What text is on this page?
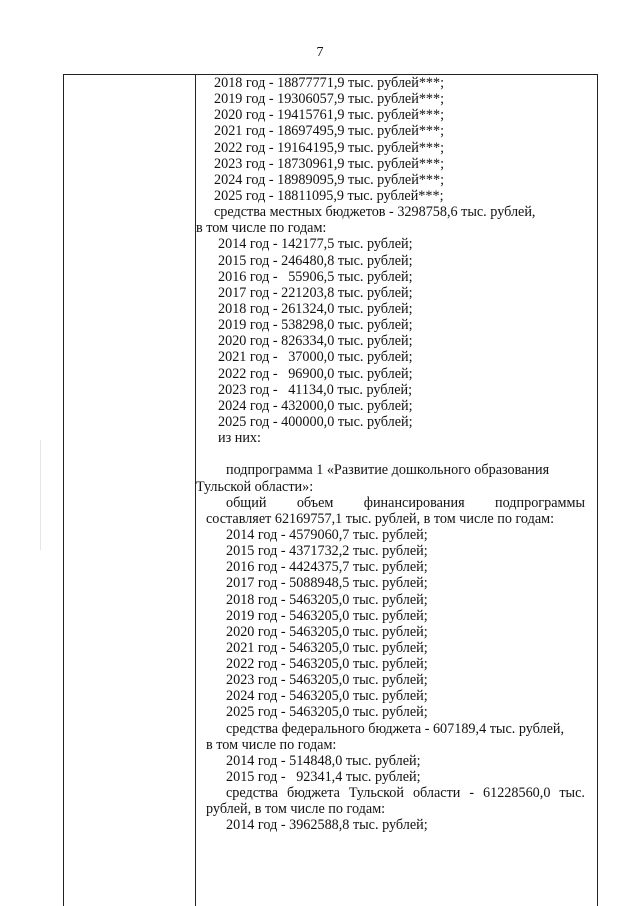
7
2018 год - 18877771,9 тыс. рублей***;
2019 год - 19306057,9 тыс. рублей***;
2020 год - 19415761,9 тыс. рублей***;
2021 год - 18697495,9 тыс. рублей***;
2022 год - 19164195,9 тыс. рублей***;
2023 год - 18730961,9 тыс. рублей***;
2024 год - 18989095,9 тыс. рублей***;
2025 год - 18811095,9 тыс. рублей***;
средства местных бюджетов - 3298758,6 тыс. рублей,
в том числе по годам:
2014 год - 142177,5 тыс. рублей;
2015 год - 246480,8 тыс. рублей;
2016 год -   55906,5 тыс. рублей;
2017 год - 221203,8 тыс. рублей;
2018 год - 261324,0 тыс. рублей;
2019 год - 538298,0 тыс. рублей;
2020 год - 826334,0 тыс. рублей;
2021 год -   37000,0 тыс. рублей;
2022 год -   96900,0 тыс. рублей;
2023 год -   41134,0 тыс. рублей;
2024 год - 432000,0 тыс. рублей;
2025 год - 400000,0 тыс. рублей;
из них:
подпрограмма 1 «Развитие дошкольного образования
Тульской области»:
общий объем финансирования подпрограммы
составляет 62169757,1 тыс. рублей, в том числе по годам:
2014 год - 4579060,7 тыс. рублей;
2015 год - 4371732,2 тыс. рублей;
2016 год - 4424375,7 тыс. рублей;
2017 год - 5088948,5 тыс. рублей;
2018 год - 5463205,0 тыс. рублей;
2019 год - 5463205,0 тыс. рублей;
2020 год - 5463205,0 тыс. рублей;
2021 год - 5463205,0 тыс. рублей;
2022 год - 5463205,0 тыс. рублей;
2023 год - 5463205,0 тыс. рублей;
2024 год - 5463205,0 тыс. рублей;
2025 год - 5463205,0 тыс. рублей;
средства федерального бюджета - 607189,4 тыс. рублей,
в том числе по годам:
2014 год - 514848,0 тыс. рублей;
2015 год -   92341,4 тыс. рублей;
средства бюджета Тульской области - 61228560,0 тыс.
рублей, в том числе по годам:
2014 год - 3962588,8 тыс. рублей;
